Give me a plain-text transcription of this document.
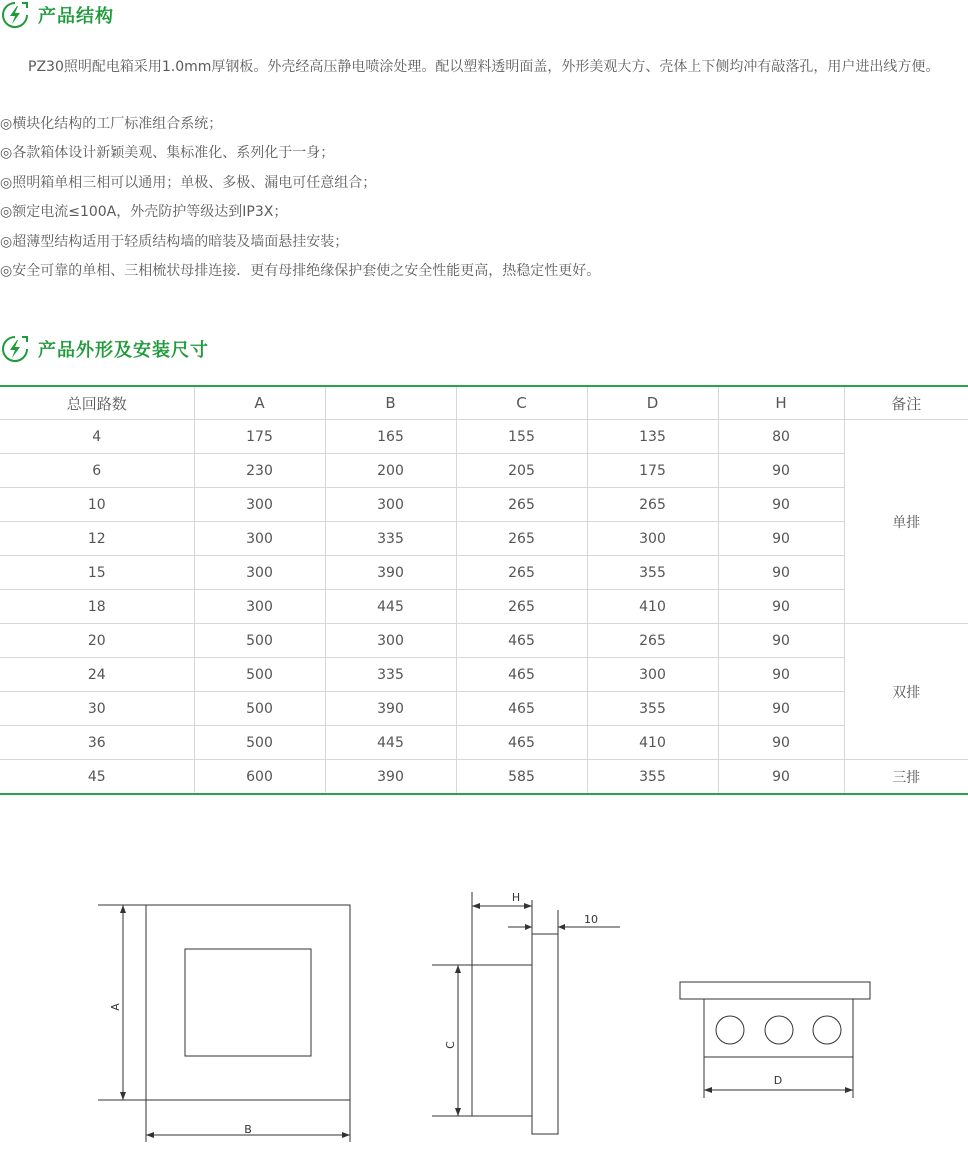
产品结构

PZ30照明配电箱采用1.0mm厚钢板。外壳经高压静电喷涂处理。配以塑料透明面盖，外形美观大方、壳体上下侧均冲有敲落孔，用户进出线方便。

◎横块化结构的工厂标准组合系统；
◎各款箱体设计新颖美观、集标准化、系列化于一身；
◎照明箱单相三相可以通用；单极、多极、漏电可任意组合；
◎额定电流≤100A，外壳防护等级达到IP3X；
◎超薄型结构适用于轻质结构墙的暗装及墙面悬挂安装；
◎安全可靠的单相、三相梳状母排连接．更有母排绝缘保护套使之安全性能更高，热稳定性更好。
产品外形及安装尺寸
总回路数	A	B	C	D	H	备注
4	175	165	155	135	80	单排
6	230	200	205	175	90	
10	300	300	265	265	90	
12	300	335	265	300	90	
15	300	390	265	355	90	
18	300	445	265	410	90	
20	500	300	465	265	90	双排
24	500	335	465	300	90	
30	500	390	465	355	90	
36	500	445	465	410	90	
45	600	390	585	355	90	三排
A
B
C
H
10
D
